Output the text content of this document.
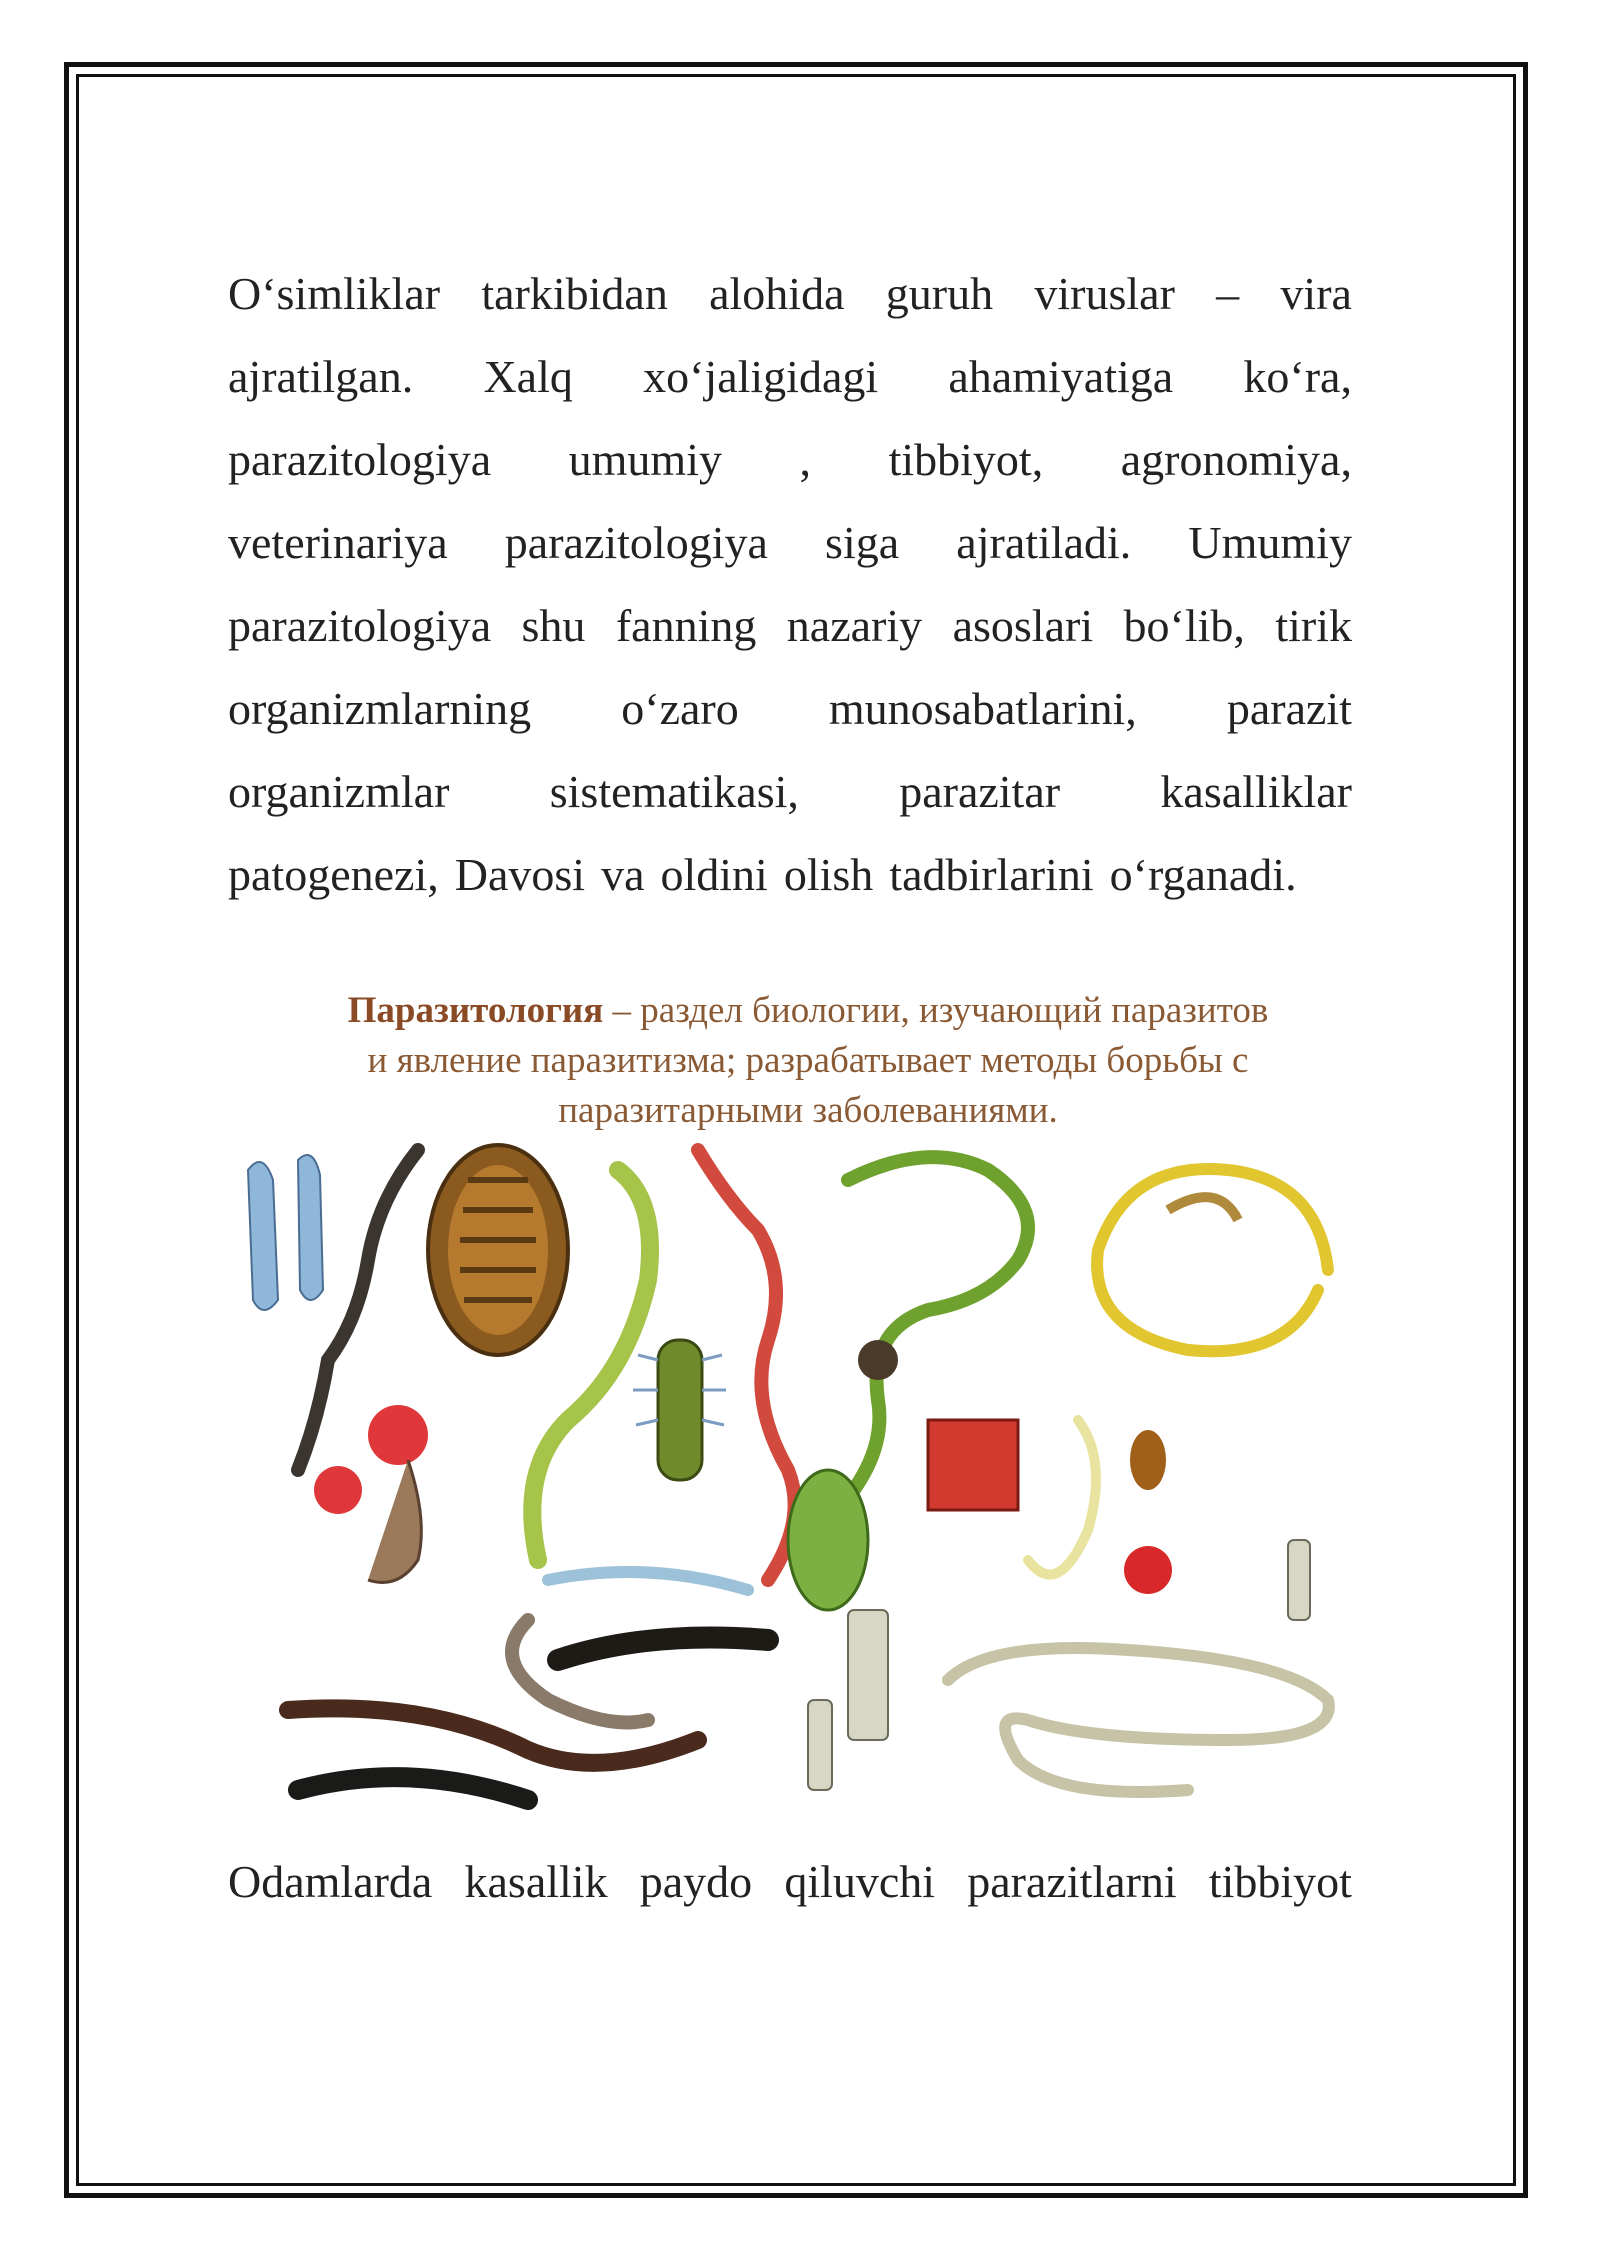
O‘simliklar tarkibidan alohida guruh viruslar – vira
ajratilgan. Xalq xo‘jaligidagi ahamiyatiga ko‘ra,
parazitologiya umumiy , tibbiyot, agronomiya,
veterinariya parazitologiya siga ajratiladi. Umumiy
parazitologiya shu fanning nazariy asoslari bo‘lib, tirik
organizmlarning o‘zaro munosabatlarini, parazit
organizmlar sistematikasi, parazitar kasalliklar
patogenezi, Davosi va oldini olish tadbirlarini o‘rganadi.
Паразитология – раздел биологии, изучающий паразитов
и явление паразитизма; разрабатывает методы борьбы с
паразитарными заболеваниями.
Odamlarda kasallik paydo qiluvchi parazitlarni tibbiyot
